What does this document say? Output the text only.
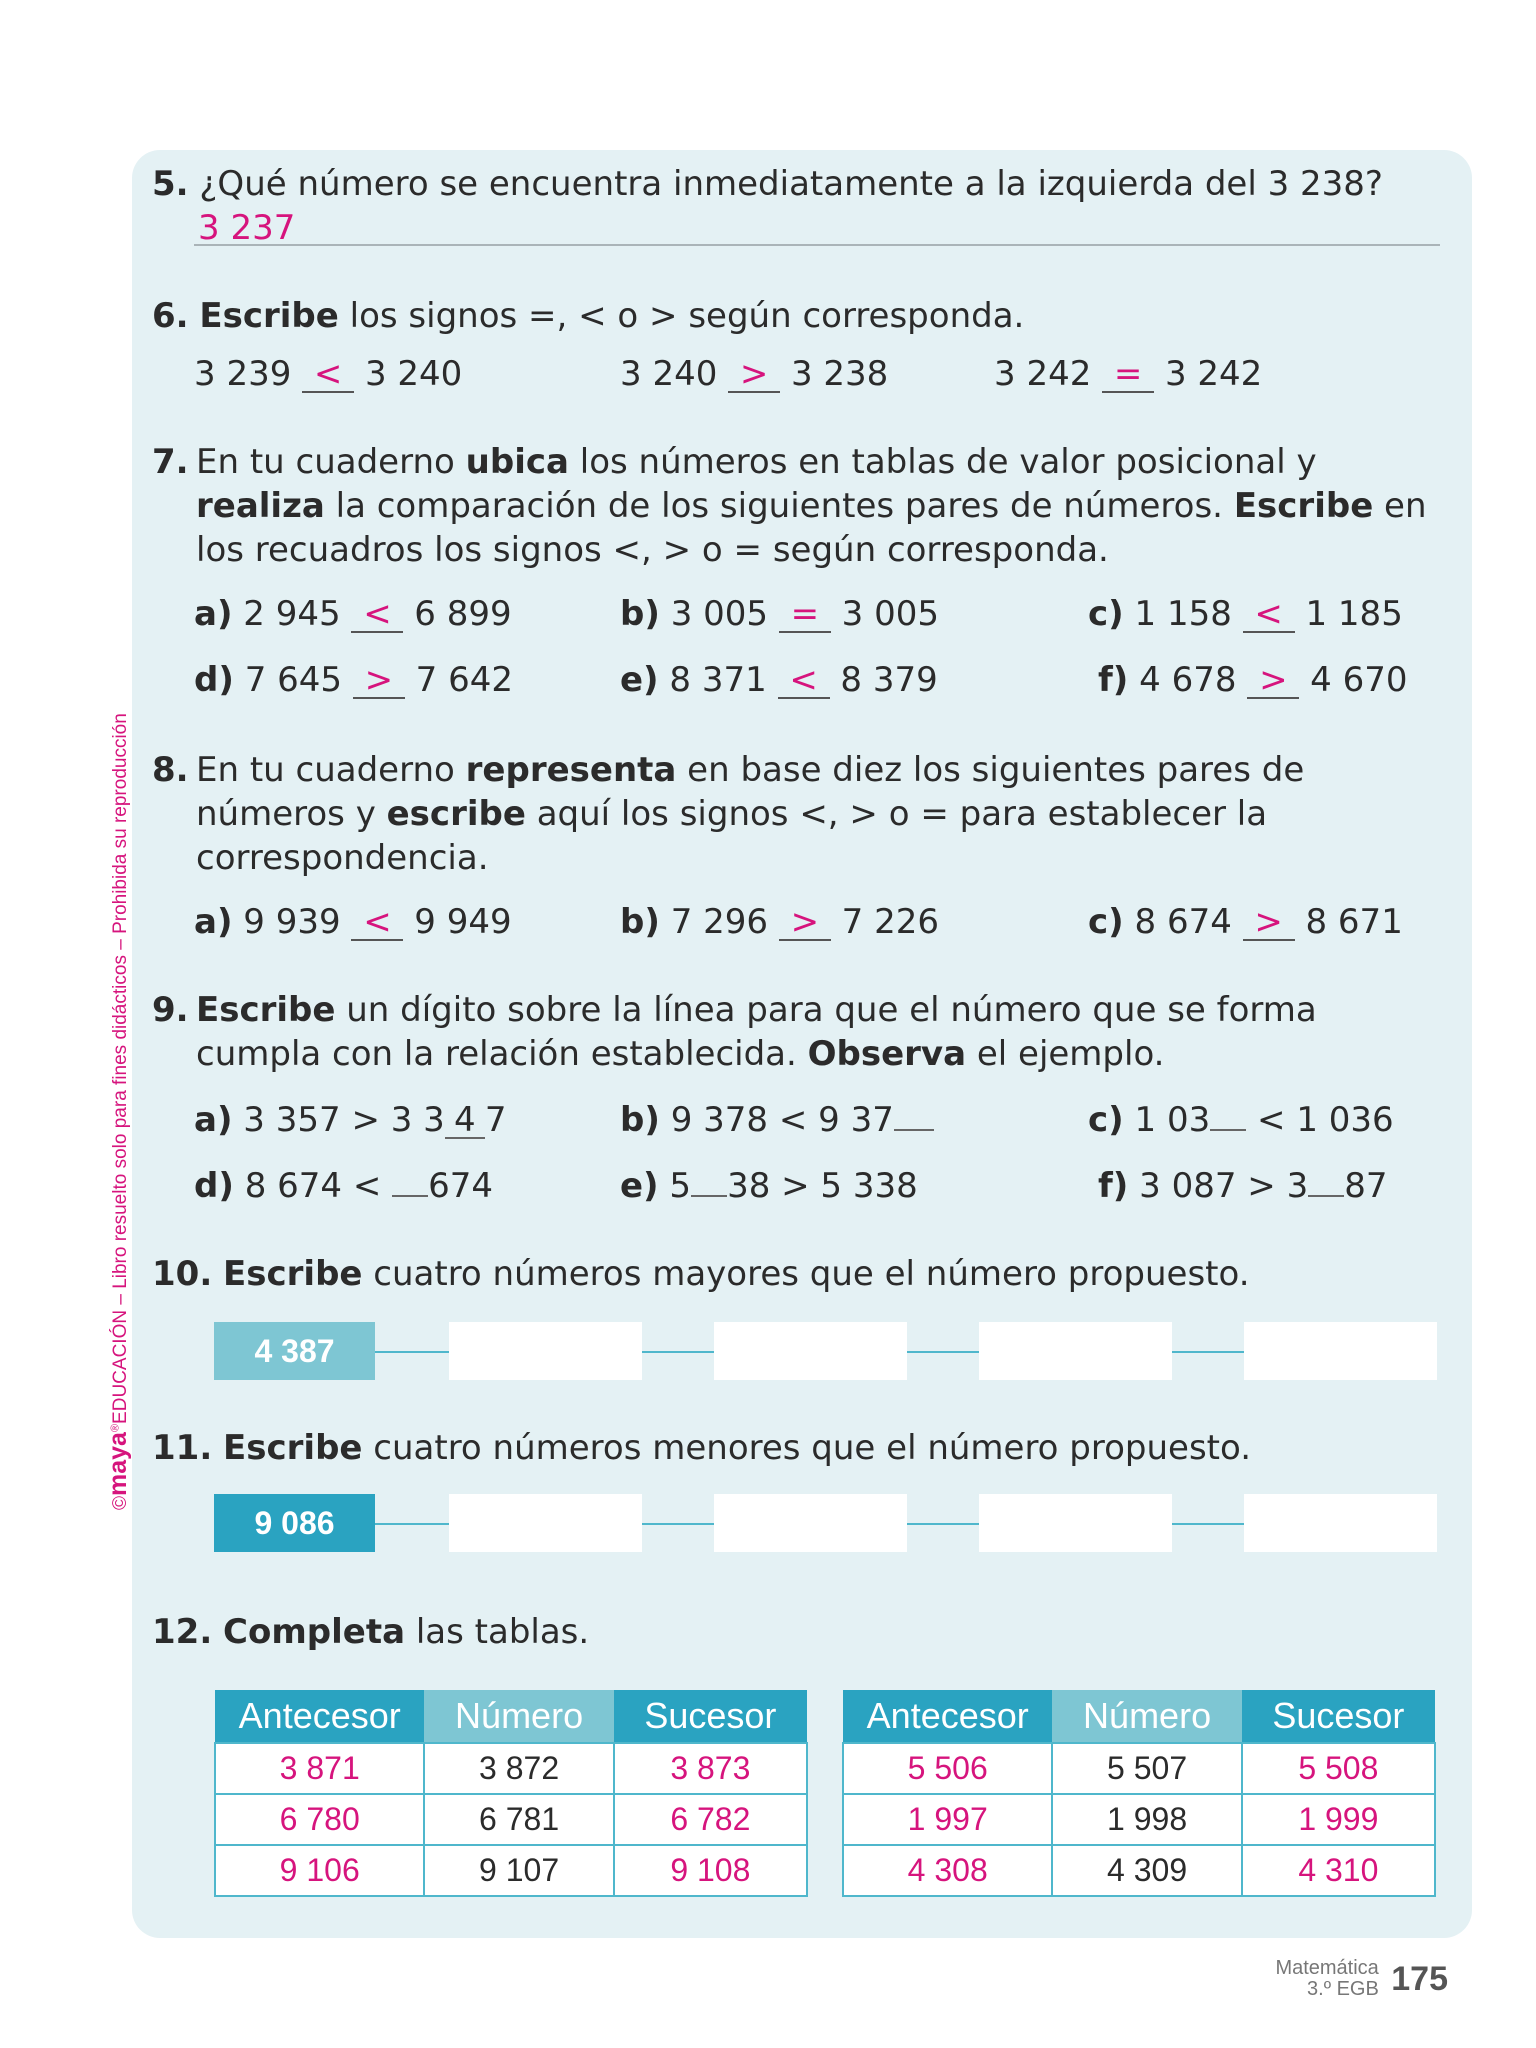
©maya®EDUCACIÓN – Libro resuelto solo para fines didácticos – Prohibida su reproducción
5. ¿Qué número se encuentra inmediatamente a la izquierda del 3 238?
3 237
6. Escribe los signos =, < o > según corresponda.
3 239 < 3 240	3 240 > 3 238	3 242 = 3 242
7. En tu cuaderno ubica los números en tablas de valor posicional y realiza la comparación de los siguientes pares de números. Escribe en los recuadros los signos <, > o = según corresponda.
a) 2 945 < 6 899	b) 3 005 = 3 005	c) 1 158 < 1 185
d) 7 645 > 7 642	e) 8 371 < 8 379	f) 4 678 > 4 670
8. En tu cuaderno representa en base diez los siguientes pares de números y escribe aquí los signos <, > o = para establecer la correspondencia.
a) 9 939 < 9 949	b) 7 296 > 7 226	c) 8 674 > 8 671
9. Escribe un dígito sobre la línea para que el número que se forma cumpla con la relación establecida. Observa el ejemplo.
a) 3 357 > 3 3 4 7	b) 9 378 < 9 37	c) 1 03 < 1 036
d) 8 674 < 674	e) 5 38 > 5 338	f) 3 087 > 3 87
10. Escribe cuatro números mayores que el número propuesto.
4 387
11. Escribe cuatro números menores que el número propuesto.
9 086
12. Completa las tablas.
Antecesor	Número	Sucesor
3 871	3 872	3 873
6 780	6 781	6 782
9 106	9 107	9 108
Antecesor	Número	Sucesor
5 506	5 507	5 508
1 997	1 998	1 999
4 308	4 309	4 310
Matemática
3.º EGB 175
